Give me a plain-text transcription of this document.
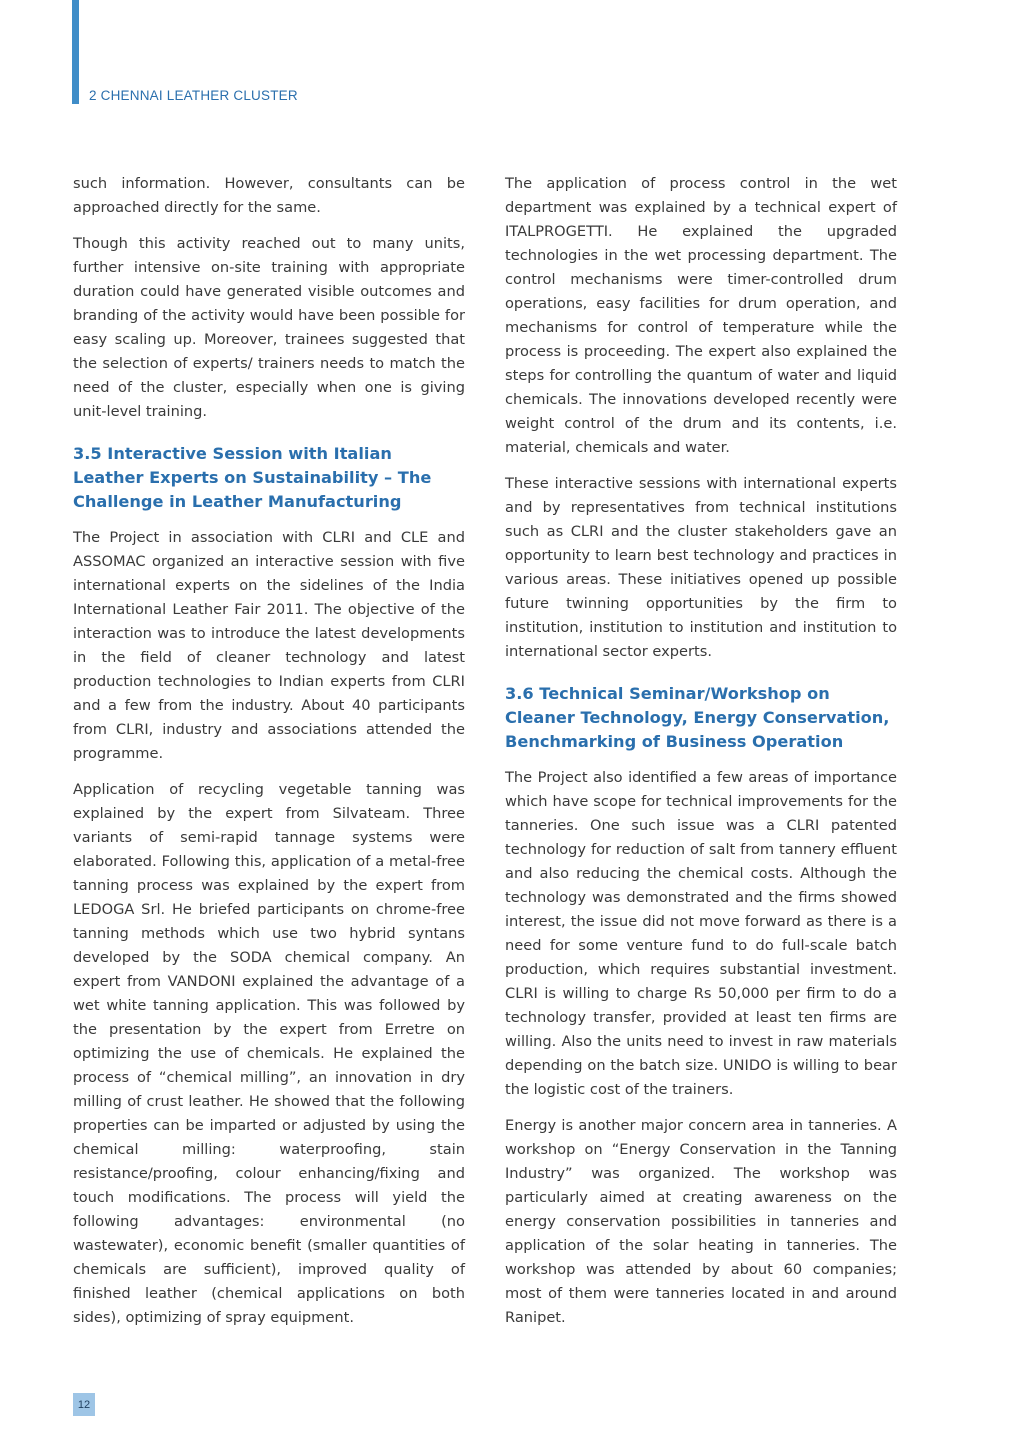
2 CHENNAI LEATHER CLUSTER

such information. However, consultants can be approached directly for the same.

Though this activity reached out to many units, further intensive on-site training with appropriate duration could have generated visible outcomes and branding of the activity would have been possible for easy scaling up. Moreover, trainees suggested that the selection of experts/ trainers needs to match the need of the cluster, especially when one is giving unit-level training.

3.5 Interactive Session with Italian Leather Experts on Sustainability – The Challenge in Leather Manufacturing

The Project in association with CLRI and CLE and ASSOMAC organized an interactive session with five international experts on the sidelines of the India International Leather Fair 2011. The objective of the interaction was to introduce the latest developments in the field of cleaner technology and latest production technologies to Indian experts from CLRI and a few from the industry. About 40 participants from CLRI, industry and associations attended the programme.

Application of recycling vegetable tanning was explained by the expert from Silvateam. Three variants of semi-rapid tannage systems were elaborated. Following this, application of a metal-free tanning process was explained by the expert from LEDOGA Srl. He briefed participants on chrome-free tanning methods which use two hybrid syntans developed by the SODA chemical company. An expert from VANDONI explained the advantage of a wet white tanning application. This was followed by the presentation by the expert from Erretre on optimizing the use of chemicals. He explained the process of “chemical milling”, an innovation in dry milling of crust leather. He showed that the following properties can be imparted or adjusted by using the chemical milling: waterproofing, stain resistance/proofing, colour enhancing/fixing and touch modifications. The process will yield the following advantages: environmental (no wastewater), economic benefit (smaller quantities of chemicals are sufficient), improved quality of finished leather (chemical applications on both sides), optimizing of spray equipment.

The application of process control in the wet department was explained by a technical expert of ITALPROGETTI. He explained the upgraded technologies in the wet processing department. The control mechanisms were timer-controlled drum operations, easy facilities for drum operation, and mechanisms for control of temperature while the process is proceeding. The expert also explained the steps for controlling the quantum of water and liquid chemicals. The innovations developed recently were weight control of the drum and its contents, i.e. material, chemicals and water.

These interactive sessions with international experts and by representatives from technical institutions such as CLRI and the cluster stakeholders gave an opportunity to learn best technology and practices in various areas. These initiatives opened up possible future twinning opportunities by the firm to institution, institution to institution and institution to international sector experts.

3.6 Technical Seminar/Workshop on Cleaner Technology, Energy Conservation, Benchmarking of Business Operation

The Project also identified a few areas of importance which have scope for technical improvements for the tanneries. One such issue was a CLRI patented technology for reduction of salt from tannery effluent and also reducing the chemical costs. Although the technology was demonstrated and the firms showed interest, the issue did not move forward as there is a need for some venture fund to do full-scale batch production, which requires substantial investment. CLRI is willing to charge Rs 50,000 per firm to do a technology transfer, provided at least ten firms are willing. Also the units need to invest in raw materials depending on the batch size. UNIDO is willing to bear the logistic cost of the trainers.

Energy is another major concern area in tanneries. A workshop on “Energy Conservation in the Tanning Industry” was organized. The workshop was particularly aimed at creating awareness on the energy conservation possibilities in tanneries and application of the solar heating in tanneries. The workshop was attended by about 60 companies; most of them were tanneries located in and around Ranipet.

12
